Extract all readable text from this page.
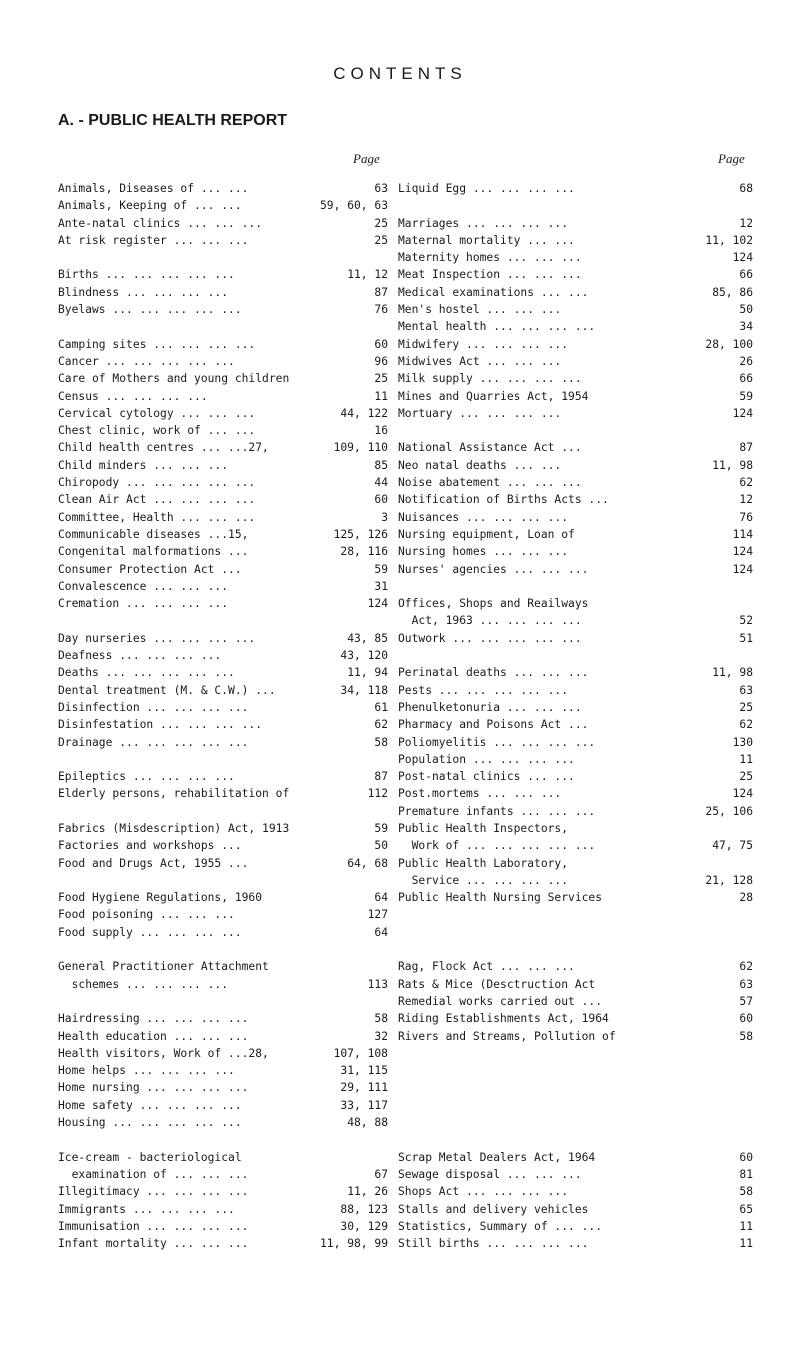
CONTENTS
A. - PUBLIC HEALTH REPORT
Page	Page
Animals, Diseases of ... ...	63
Animals, Keeping of ... ...	59, 60, 63
Ante-natal clinics ... ... ...	25
At risk register ... ... ...	25
Births ... ... ... ... ...	11, 12
Blindness ... ... ... ...	87
Byelaws ... ... ... ... ...	76
Camping sites ... ... ... ...	60
Cancer ... ... ... ... ...	96
Care of Mothers and young children	25
Census ... ... ... ...	11
Cervical cytology ... ... ...	44, 122
Chest clinic, work of ... ...	16
Child health centres ... ...27,	109, 110
Child minders ... ... ...	85
Chiropody ... ... ... ... ...	44
Clean Air Act ... ... ... ...	60
Committee, Health ... ... ...	3
Communicable diseases ...15,	125, 126
Congenital malformations ...	28, 116
Consumer Protection Act ...	59
Convalescence ... ... ...	31
Cremation ... ... ... ...	124
Day nurseries ... ... ... ...	43, 85
Deafness ... ... ... ...	43, 120
Deaths ... ... ... ... ...	11, 94
Dental treatment (M. & C.W.) ...	34, 118
Disinfection ... ... ... ...	61
Disinfestation ... ... ... ...	62
Drainage ... ... ... ... ...	58
Epileptics ... ... ... ...	87
Elderly persons, rehabilitation of	112
Fabrics (Misdescription) Act, 1913	59
Factories and workshops ...	50
Food and Drugs Act, 1955 ...	64, 68
Food Hygiene Regulations, 1960	64
Food poisoning ... ... ...	127
Food supply ... ... ... ...	64
General Practitioner Attachment
schemes ... ... ... ...	113
Hairdressing ... ... ... ...	58
Health education ... ... ...	32
Health visitors, Work of ...28,	107, 108
Home helps ... ... ... ...	31, 115
Home nursing ... ... ... ...	29, 111
Home safety ... ... ... ...	33, 117
Housing ... ... ... ... ...	48, 88
Ice-cream - bacteriological
examination of ... ... ...	67
Illegitimacy ... ... ... ...	11, 26
Immigrants ... ... ... ...	88, 123
Immunisation ... ... ... ...	30, 129
Infant mortality ... ... ...	11, 98, 99
Liquid Egg ... ... ... ...	68
Marriages ... ... ... ...	12
Maternal mortality ... ...	11, 102
Maternity homes ... ... ...	124
Meat Inspection ... ... ...	66
Medical examinations ... ...	85, 86
Men's hostel ... ... ...	50
Mental health ... ... ... ...	34
Midwifery ... ... ... ...	28, 100
Midwives Act ... ... ...	26
Milk supply ... ... ... ...	66
Mines and Quarries Act, 1954	59
Mortuary ... ... ... ...	124
National Assistance Act ...	87
Neo natal deaths ... ...	11, 98
Noise abatement ... ... ...	62
Notification of Births Acts ...	12
Nuisances ... ... ... ...	76
Nursing equipment, Loan of	114
Nursing homes ... ... ...	124
Nurses' agencies ... ... ...	124
Offices, Shops and Reailways
Act, 1963 ... ... ... ...	52
Outwork ... ... ... ... ...	51
Perinatal deaths ... ... ...	11, 98
Pests ... ... ... ... ...	63
Phenulketonuria ... ... ...	25
Pharmacy and Poisons Act ...	62
Poliomyelitis ... ... ... ...	130
Population ... ... ... ...	11
Post-natal clinics ... ...	25
Post.mortems ... ... ...	124
Premature infants ... ... ...	25, 106
Public Health Inspectors,
Work of ... ... ... ... ...	47, 75
Public Health Laboratory,
Service ... ... ... ...	21, 128
Public Health Nursing Services	28
Rag, Flock Act ... ... ...	62
Rats & Mice (Desctruction Act	63
Remedial works carried out ...	57
Riding Establishments Act, 1964	60
Rivers and Streams, Pollution of	58
Scrap Metal Dealers Act, 1964	60
Sewage disposal ... ... ...	81
Shops Act ... ... ... ...	58
Stalls and delivery vehicles	65
Statistics, Summary of ... ...	11
Still births ... ... ... ...	11
